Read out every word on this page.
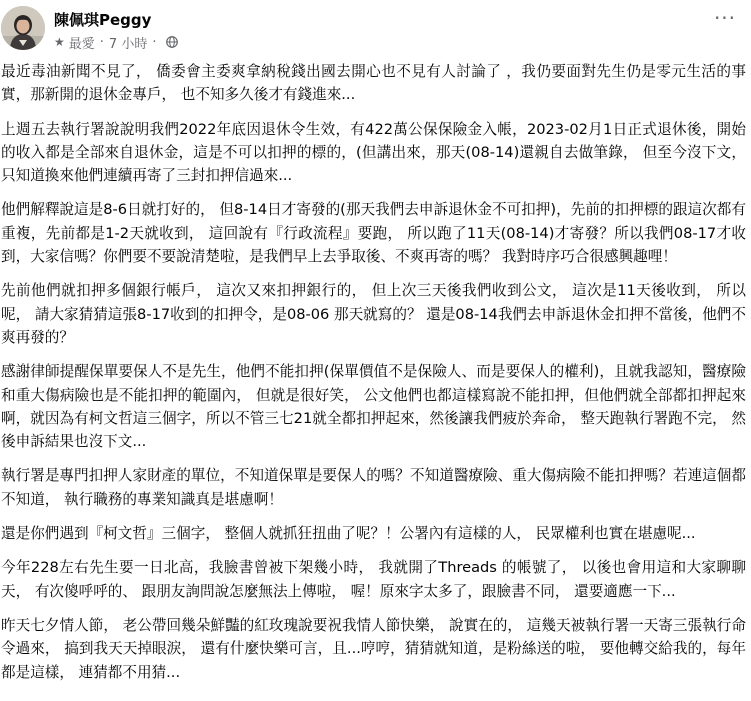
陳佩琪Peggy
★ 最愛 · 7 小時 ·
···

最近毒油新聞不見了， 僑委會主委爽拿納稅錢出國去開心也不見有人討論了 ，我仍要面對先生仍是零元生活的事實，那新開的退休金專戶， 也不知多久後才有錢進來...

上週五去執行署說說明我們2022年底因退休令生效，有422萬公保保險金入帳，2023-02月1日正式退休後，開始的收入都是全部來自退休金，這是不可以扣押的標的，(但講出來，那天(08-14)還親自去做筆錄， 但至今沒下文，只知道換來他們連續再寄了三封扣押信過來...

他們解釋說這是8-6日就打好的， 但8-14日才寄發的(那天我們去申訴退休金不可扣押)，先前的扣押標的跟這次都有重複，先前都是1-2天就收到， 這回說有『行政流程』要跑， 所以跑了11天(08-14)才寄發？所以我們08-17才收到，大家信嗎？你們要不要說清楚啦，是我們早上去爭取後、不爽再寄的嗎？ 我對時序巧合很感興趣哩！

先前他們就扣押多個銀行帳戶， 這次又來扣押銀行的， 但上次三天後我們收到公文， 這次是11天後收到， 所以呢， 請大家猜猜這張8-17收到的扣押令，是08-06 那天就寫的？ 還是08-14我們去申訴退休金扣押不當後，他們不爽再發的？

感謝律師提醒保單要保人不是先生，他們不能扣押(保單價值不是保險人、而是要保人的權利)，且就我認知，醫療險和重大傷病險也是不能扣押的範圍內， 但就是很好笑， 公文他們也都這樣寫說不能扣押，但他們就全部都扣押起來啊，就因為有柯文哲這三個字，所以不管三七21就全都扣押起來，然後讓我們疲於奔命， 整天跑執行署跑不完， 然後申訴結果也沒下文...

執行署是專門扣押人家財產的單位，不知道保單是要保人的嗎？不知道醫療險、重大傷病險不能扣押嗎？若連這個都不知道， 執行職務的專業知識真是堪慮啊！

還是你們遇到『柯文哲』三個字， 整個人就抓狂扭曲了呢？！公署內有這樣的人， 民眾權利也實在堪慮呢...

今年228左右先生要一日北高，我臉書曾被下架幾小時， 我就開了Threads 的帳號了， 以後也會用這和大家聊聊天， 有次傻呼呼的、 跟朋友詢問說怎麼無法上傳啦， 喔！原來字太多了，跟臉書不同， 還要適應一下...

昨天七夕情人節， 老公帶回幾朵鮮豔的紅玫瑰說要祝我情人節快樂， 說實在的， 這幾天被執行署一天寄三張執行命令過來， 搞到我天天掉眼淚， 還有什麼快樂可言，且...哼哼，猜猜就知道，是粉絲送的啦， 要他轉交給我的，每年都是這樣， 連猜都不用猜...
